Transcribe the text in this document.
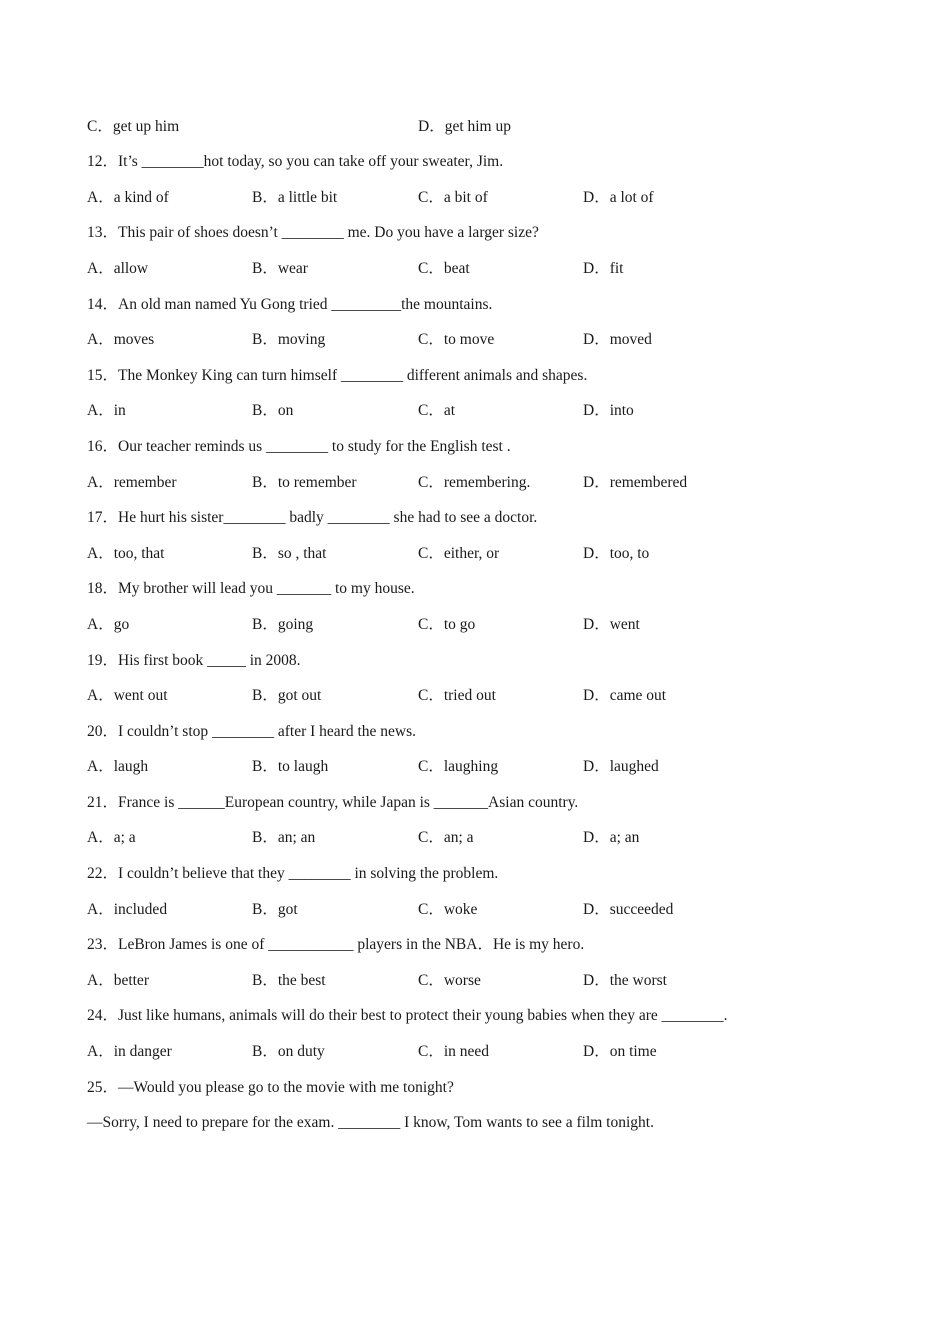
C．get up him	D．get him up
12．It’s ________hot today, so you can take off your sweater, Jim.
A．a kind of	B．a little bit	C．a bit of	D．a lot of
13．This pair of shoes doesn’t ________ me. Do you have a larger size?
A．allow	B．wear	C．beat	D．fit
14．An old man named Yu Gong tried _________the mountains.
A．moves	B．moving	C．to move	D．moved
15．The Monkey King can turn himself ________ different animals and shapes.
A．in	B．on	C．at	D．into
16．Our teacher reminds us ________ to study for the English test .
A．remember	B．to remember	C．remembering.	D．remembered
17．He hurt his sister________ badly ________ she had to see a doctor.
A．too, that	B．so , that	C．either, or	D．too, to
18．My brother will lead you _______ to my house.
A．go	B．going	C．to go	D．went
19．His first book _____ in 2008.
A．went out	B．got out	C．tried out	D．came out
20．I couldn’t stop ________ after I heard the news.
A．laugh	B．to laugh	C．laughing	D．laughed
21．France is ______European country, while Japan is _______Asian country.
A．a; a	B．an; an	C．an; a	D．a; an
22．I couldn’t believe that they ________ in solving the problem.
A．included	B．got	C．woke	D．succeeded
23．LeBron James is one of ___________ players in the NBA．He is my hero.
A．better	B．the best	C．worse	D．the worst
24．Just like humans, animals will do their best to protect their young babies when they are ________.
A．in danger	B．on duty	C．in need	D．on time
25．—Would you please go to the movie with me tonight?
—Sorry, I need to prepare for the exam. ________ I know, Tom wants to see a film tonight.
